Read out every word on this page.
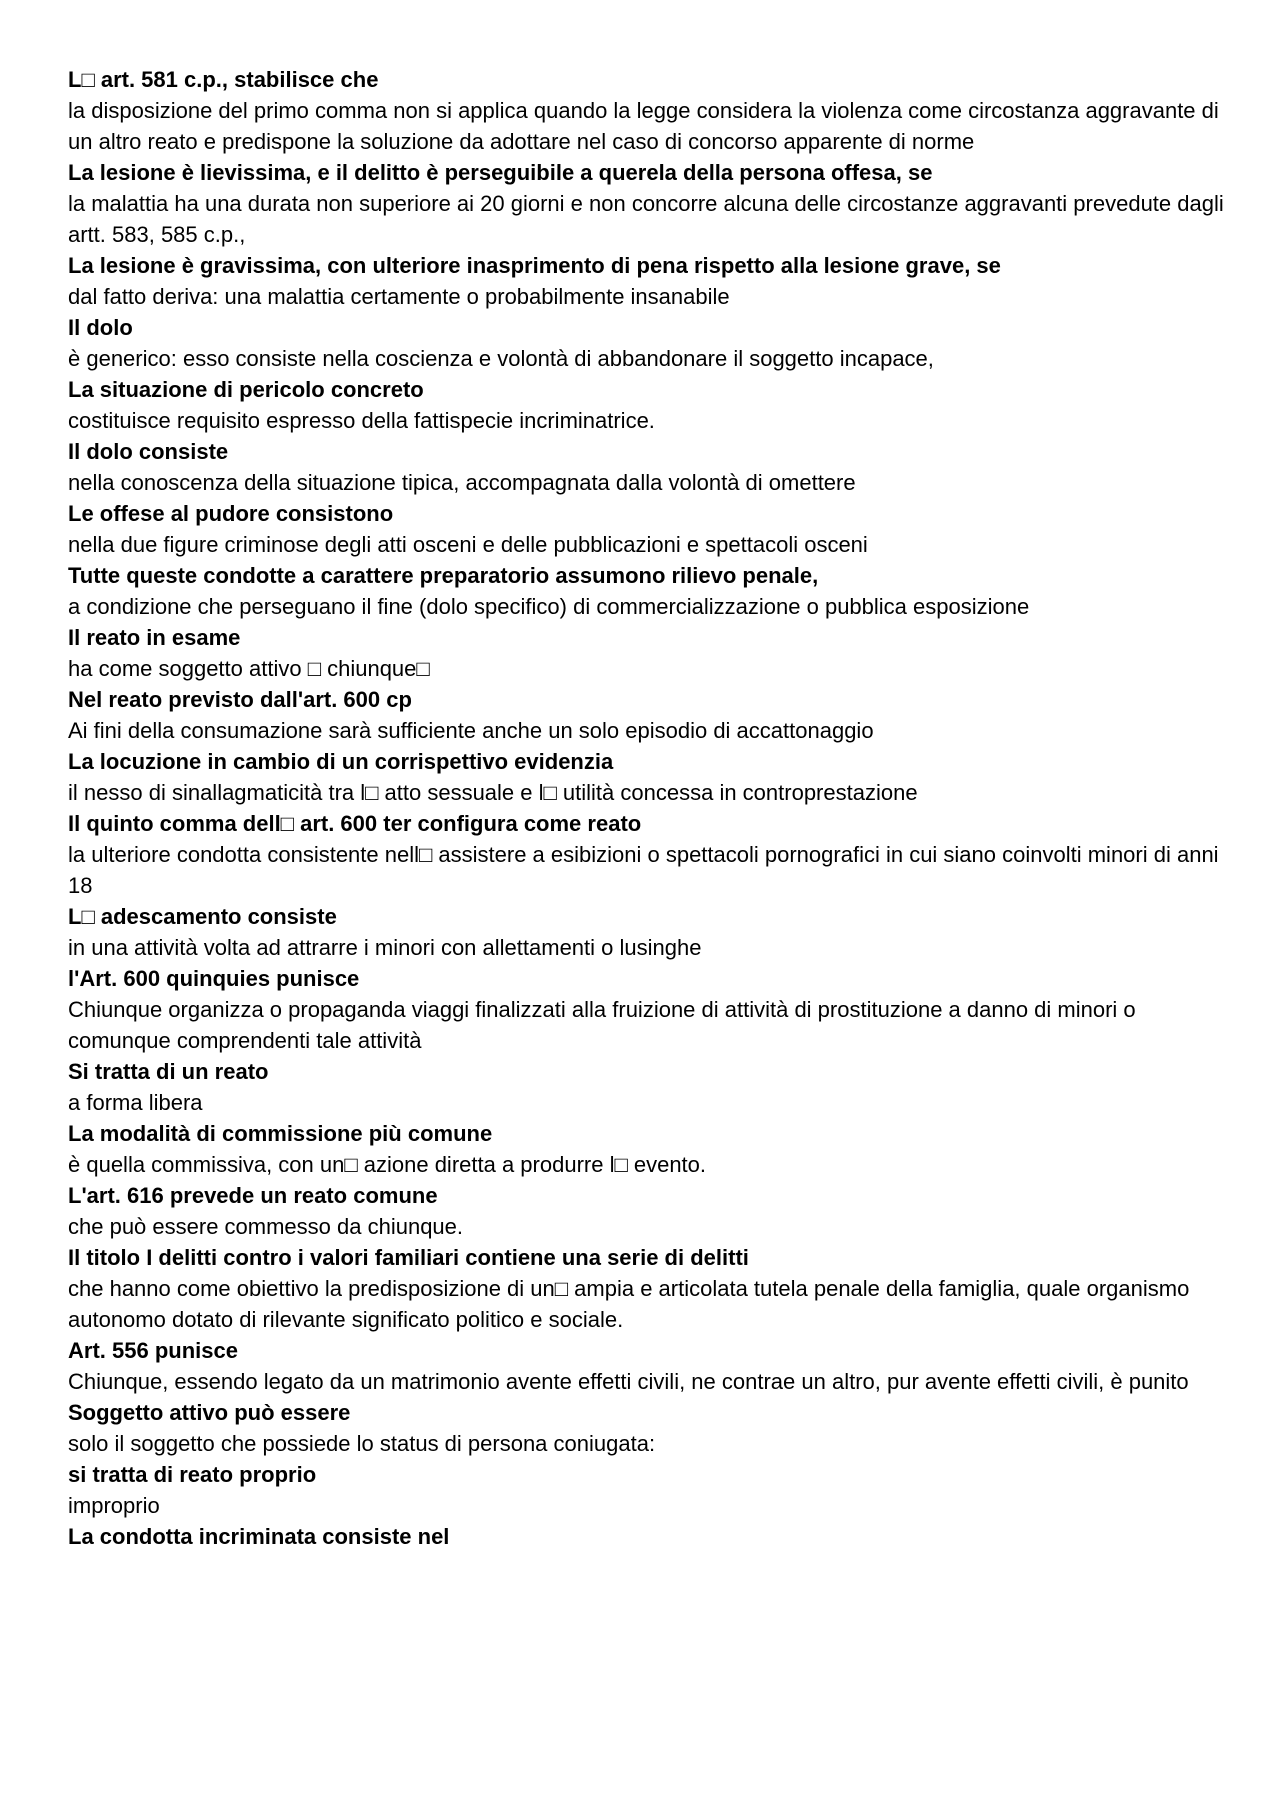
L□ art. 581 c.p., stabilisce che

la disposizione del primo comma non si applica quando la legge considera la violenza come circostanza aggravante di un altro reato e predispone la soluzione da adottare nel caso di concorso apparente di norme

La lesione è lievissima, e il delitto è perseguibile a querela della persona offesa, se

la malattia ha una durata non superiore ai 20 giorni e non concorre alcuna delle circostanze aggravanti prevedute dagli artt. 583, 585 c.p.,

La lesione è gravissima, con ulteriore inasprimento di pena rispetto alla lesione grave, se

dal fatto deriva: una malattia certamente o probabilmente insanabile

Il dolo

è generico: esso consiste nella coscienza e volontà di abbandonare il soggetto incapace,

La situazione di pericolo concreto

costituisce requisito espresso della fattispecie incriminatrice.

Il dolo consiste

nella conoscenza della situazione tipica, accompagnata dalla volontà di omettere

Le offese al pudore consistono

nella due figure criminose degli atti osceni e delle pubblicazioni e spettacoli osceni

Tutte queste condotte a carattere preparatorio assumono rilievo penale,

a condizione che perseguano il fine (dolo specifico) di commercializzazione o pubblica esposizione

Il reato in esame

ha come soggetto attivo □ chiunque□

Nel reato previsto dall'art. 600 cp

Ai fini della consumazione sarà sufficiente anche un solo episodio di accattonaggio

La locuzione in cambio di un corrispettivo evidenzia

il nesso di sinallagmaticità tra l□ atto sessuale e l□ utilità concessa in controprestazione

Il quinto comma dell□ art. 600 ter configura come reato

la ulteriore condotta consistente nell□ assistere a esibizioni o spettacoli pornografici in cui siano coinvolti minori di anni 18

L□ adescamento consiste

in una attività volta ad attrarre i minori con allettamenti o lusinghe

l'Art. 600 quinquies punisce

Chiunque organizza o propaganda viaggi finalizzati alla fruizione di attività di prostituzione a danno di minori o comunque comprendenti tale attività

Si tratta di un reato

a forma libera

La modalità di commissione più comune

è quella commissiva, con un□ azione diretta a produrre l□ evento.

L'art. 616 prevede un reato comune

che può essere commesso da chiunque.

Il titolo I delitti contro i valori familiari contiene una serie di delitti

che hanno come obiettivo la predisposizione di un□ ampia e articolata tutela penale della famiglia, quale organismo autonomo dotato di rilevante significato politico e sociale.

Art. 556 punisce

Chiunque, essendo legato da un matrimonio avente effetti civili, ne contrae un altro, pur avente effetti civili, è punito

Soggetto attivo può essere

solo il soggetto che possiede lo status di persona coniugata:

si tratta di reato proprio

improprio

La condotta incriminata consiste nel
